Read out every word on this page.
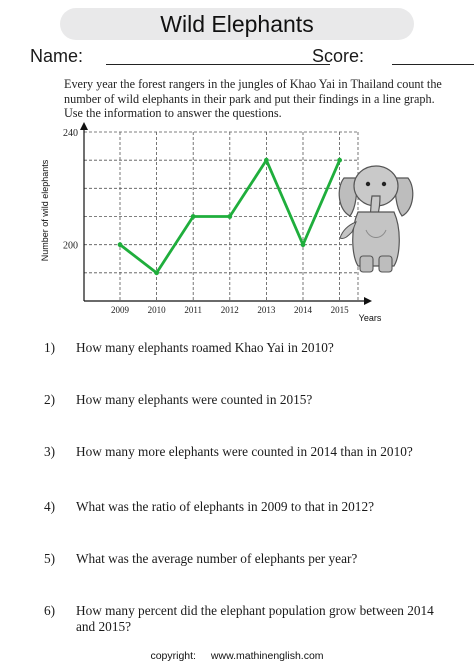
Wild Elephants
Name:	Score:
Every year the forest rangers in the jungles of Khao Yai in Thailand count the
number of wild elephants in their park and put their findings in a line graph.
Use the information to answer the questions.
2009 2010 2011 2012 2013 2014 2015
200
240
Number of wild elephants
Years
1) How many elephants roamed Khao Yai in 2010?
2) How many elephants were counted in 2015?
3) How many more elephants were counted in 2014 than in 2010?
4) What was the ratio of elephants in 2009 to that in 2012?
5) What was the average number of elephants per year?
6) How many percent did the elephant population grow between 2014 and 2015?
copyright: www.mathinenglish.com
